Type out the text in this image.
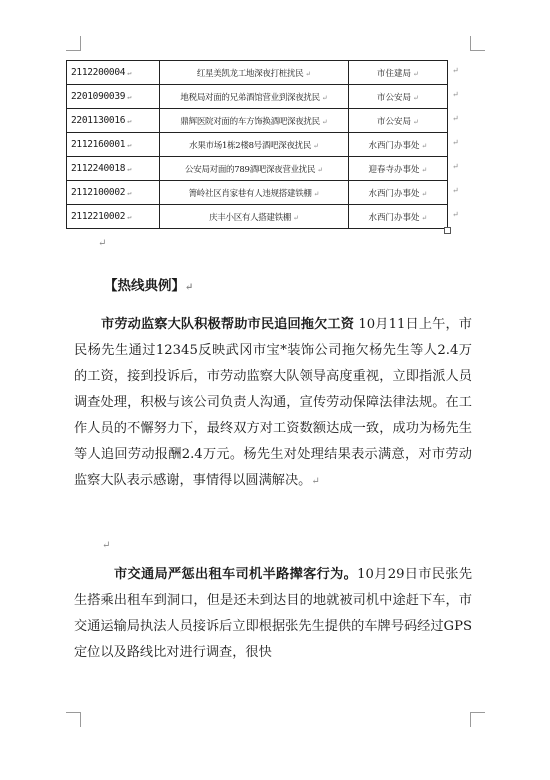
2112200004 ↵	红星美凯龙工地深夜打桩扰民 ↵	市住建局 ↵
2201090039 ↵	地税局对面的兄弟酒馆营业到深夜扰民 ↵	市公安局 ↵
2201130016 ↵	鼎辉医院对面的车方饰换酒吧深夜扰民 ↵	市公安局 ↵
2112160001 ↵	水果市场1栋2楼8号酒吧深夜扰民 ↵	水西门办事处 ↵
2112240018 ↵	公安局对面的789酒吧深夜营业扰民 ↵	迎春寺办事处 ↵
2112100002 ↵	箐岭社区肖家巷有人违规搭建铁棚 ↵	水西门办事处 ↵
2112210002 ↵	庆丰小区有人搭建铁棚 ↵	水西门办事处 ↵
↵
【热线典例】↵
市劳动监察大队积极帮助市民追回拖欠工资 10月11日上午，市民杨先生通过12345反映武冈市宝*装饰公司拖欠杨先生等人2.4万的工资，接到投诉后，市劳动监察大队领导高度重视，立即指派人员调查处理，积极与该公司负责人沟通，宣传劳动保障法律法规。在工作人员的不懈努力下，最终双方对工资数额达成一致，成功为杨先生等人追回劳动报酬2.4万元。杨先生对处理结果表示满意，对市劳动监察大队表示感谢，事情得以圆满解决。↵
↵
市交通局严惩出租车司机半路撵客行为。10月29日市民张先生搭乘出租车到洞口，但是还未到达目的地就被司机中途赶下车，市交通运输局执法人员接诉后立即根据张先生提供的车牌号码经过GPS定位以及路线比对进行调查，很快
↵
↵
↵
↵
↵
↵
↵
